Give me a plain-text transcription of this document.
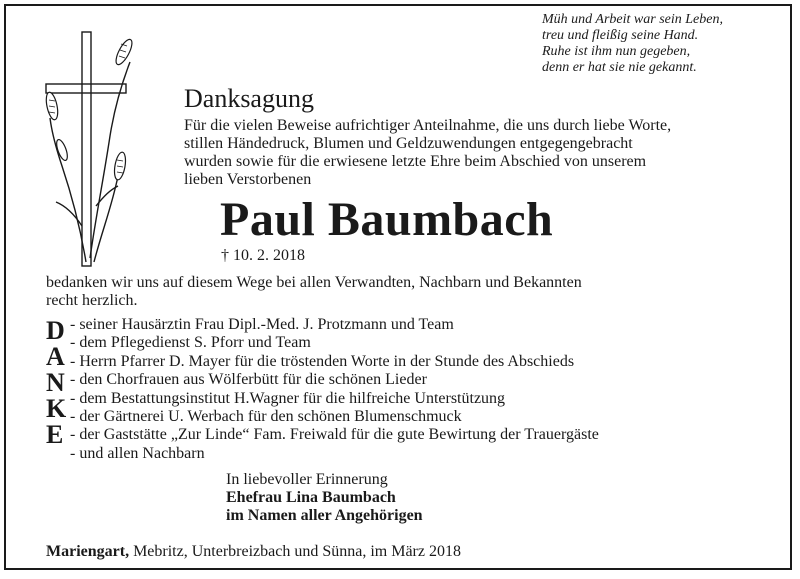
Müh und Arbeit war sein Leben,
treu und fleißig seine Hand.
Ruhe ist ihm nun gegeben,
denn er hat sie nie gekannt.
Danksagung
Für die vielen Beweise aufrichtiger Anteilnahme, die uns durch liebe Worte,
stillen Händedruck, Blumen und Geldzuwendungen entgegengebracht
wurden sowie für die erwiesene letzte Ehre beim Abschied von unserem
lieben Verstorbenen
Paul Baumbach
† 10. 2. 2018
bedanken wir uns auf diesem Wege bei allen Verwandten, Nachbarn und Bekannten
recht herzlich.
D
A
N
K
E
- seiner Hausärztin Frau Dipl.-Med. J. Protzmann und Team
- dem Pflegedienst S. Pforr und Team
- Herrn Pfarrer D. Mayer für die tröstenden Worte in der Stunde des Abschieds
- den Chorfrauen aus Wölferbütt für die schönen Lieder
- dem Bestattungsinstitut H.Wagner für die hilfreiche Unterstützung
- der Gärtnerei U. Werbach für den schönen Blumenschmuck
- der Gaststätte „Zur Linde“ Fam. Freiwald für die gute Bewirtung der Trauergäste
- und allen Nachbarn
In liebevoller Erinnerung
Ehefrau Lina Baumbach
im Namen aller Angehörigen
Mariengart, Mebritz, Unterbreizbach und Sünna, im März 2018
